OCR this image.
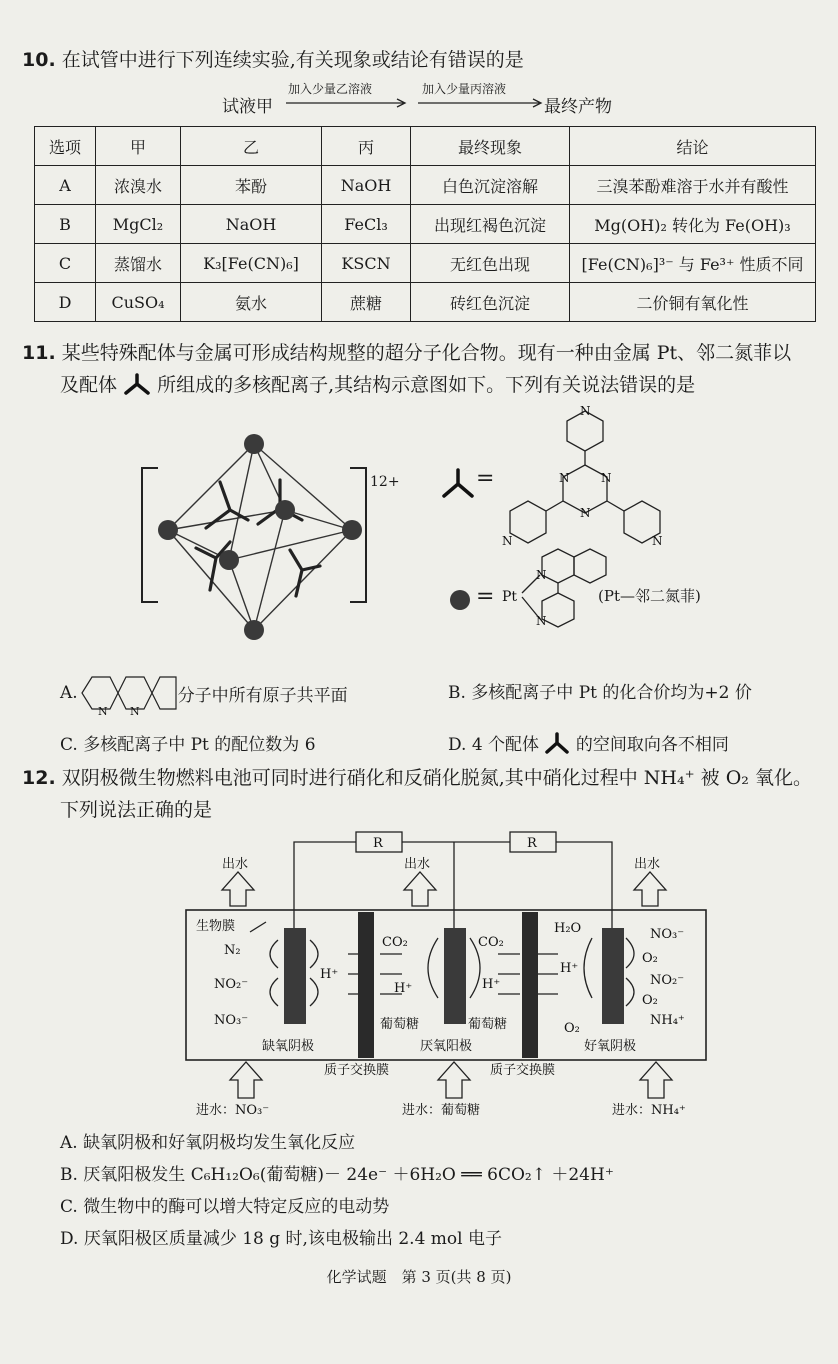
10. 在试管中进行下列连续实验,有关现象或结论有错误的是
试液甲
加入少量乙溶液	加入少量丙溶液
最终产物
选项	甲	乙	丙	最终现象	结论
A	浓溴水	苯酚	NaOH	白色沉淀溶解	三溴苯酚难溶于水并有酸性
B	MgCl₂	NaOH	FeCl₃	出现红褐色沉淀	Mg(OH)₂ 转化为 Fe(OH)₃
C	蒸馏水	K₃[Fe(CN)₆]	KSCN	无红色出现	[Fe(CN)₆]³⁻ 与 Fe³⁺ 性质不同
D	CuSO₄	氨水	蔗糖	砖红色沉淀	二价铜有氧化性
11. 某些特殊配体与金属可形成结构规整的超分子化合物。现有一种由金属 Pt、邻二氮菲以
及配体 所组成的多核配离子,其结构示意图如下。下列有关说法错误的是
12+	=
N
N
N
N
N	N
= Pt
N
N
(Pt—邻二氮菲)
A.
N N
分子中所有原子共平面	B. 多核配离子中 Pt 的化合价均为+2 价
C. 多核配离子中 Pt 的配位数为 6	D. 4 个配体 的空间取向各不相同
12. 双阴极微生物燃料电池可同时进行硝化和反硝化脱氮,其中硝化过程中 NH₄⁺ 被 O₂ 氧化。
下列说法正确的是
R	R
出水	出水	出水
生物膜
N₂
NO₂⁻
NO₃⁻
H⁺
CO₂
H⁺
CO₂
H⁺
H₂O
H⁺
O₂
NO₃⁻
O₂
NO₂⁻
O₂
NH₄⁺
葡萄糖	葡萄糖
缺氧阴极	厌氧阳极	好氧阴极
质子交换膜	质子交换膜
进水：NO₃⁻	进水：葡萄糖	进水：NH₄⁺
A. 缺氧阴极和好氧阴极均发生氧化反应
B. 厌氧阳极发生 C₆H₁₂O₆(葡萄糖)－ 24e⁻ ＋6H₂O ══ 6CO₂↑ ＋24H⁺
C. 微生物中的酶可以增大特定反应的电动势
D. 厌氧阳极区质量减少 18 g 时,该电极输出 2.4 mol 电子
化学试题　第 3 页(共 8 页)
